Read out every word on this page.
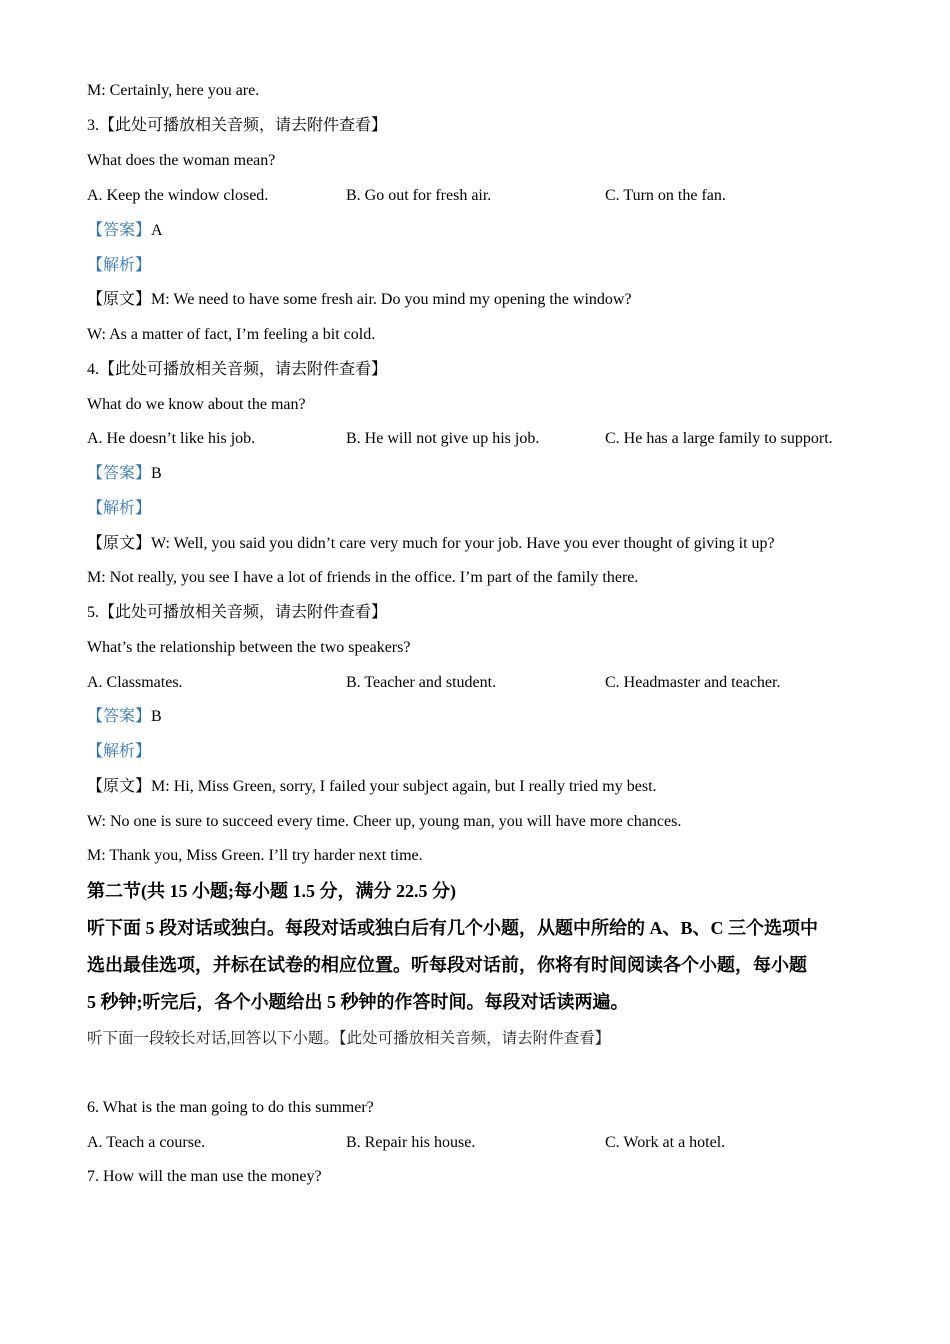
M: Certainly, here you are.
3.【此处可播放相关音频，请去附件查看】
What does the woman mean?
A. Keep the window closed.	B. Go out for fresh air.	C. Turn on the fan.
【答案】A
【解析】
【原文】M: We need to have some fresh air. Do you mind my opening the window?
W: As a matter of fact, I’m feeling a bit cold.
4.【此处可播放相关音频，请去附件查看】
What do we know about the man?
A. He doesn’t like his job.	B. He will not give up his job.	C. He has a large family to support.
【答案】B
【解析】
【原文】W: Well, you said you didn’t care very much for your job. Have you ever thought of giving it up?
M: Not really, you see I have a lot of friends in the office. I’m part of the family there.
5.【此处可播放相关音频，请去附件查看】
What’s the relationship between the two speakers?
A. Classmates.	B. Teacher and student.	C. Headmaster and teacher.
【答案】B
【解析】
【原文】M: Hi, Miss Green, sorry, I failed your subject again, but I really tried my best.
W: No one is sure to succeed every time. Cheer up, young man, you will have more chances.
M: Thank you, Miss Green. I’ll try harder next time.
第二节(共 15 小题;每小题 1.5 分，满分 22.5 分)
听下面 5 段对话或独白。每段对话或独白后有几个小题，从题中所给的 A、B、C 三个选项中
选出最佳选项，并标在试卷的相应位置。听每段对话前，你将有时间阅读各个小题，每小题
5 秒钟;听完后，各个小题给出 5 秒钟的作答时间。每段对话读两遍。
听下面一段较长对话,回答以下小题。【此处可播放相关音频，请去附件查看】
6. What is the man going to do this summer?
A. Teach a course.	B. Repair his house.	C. Work at a hotel.
7. How will the man use the money?
